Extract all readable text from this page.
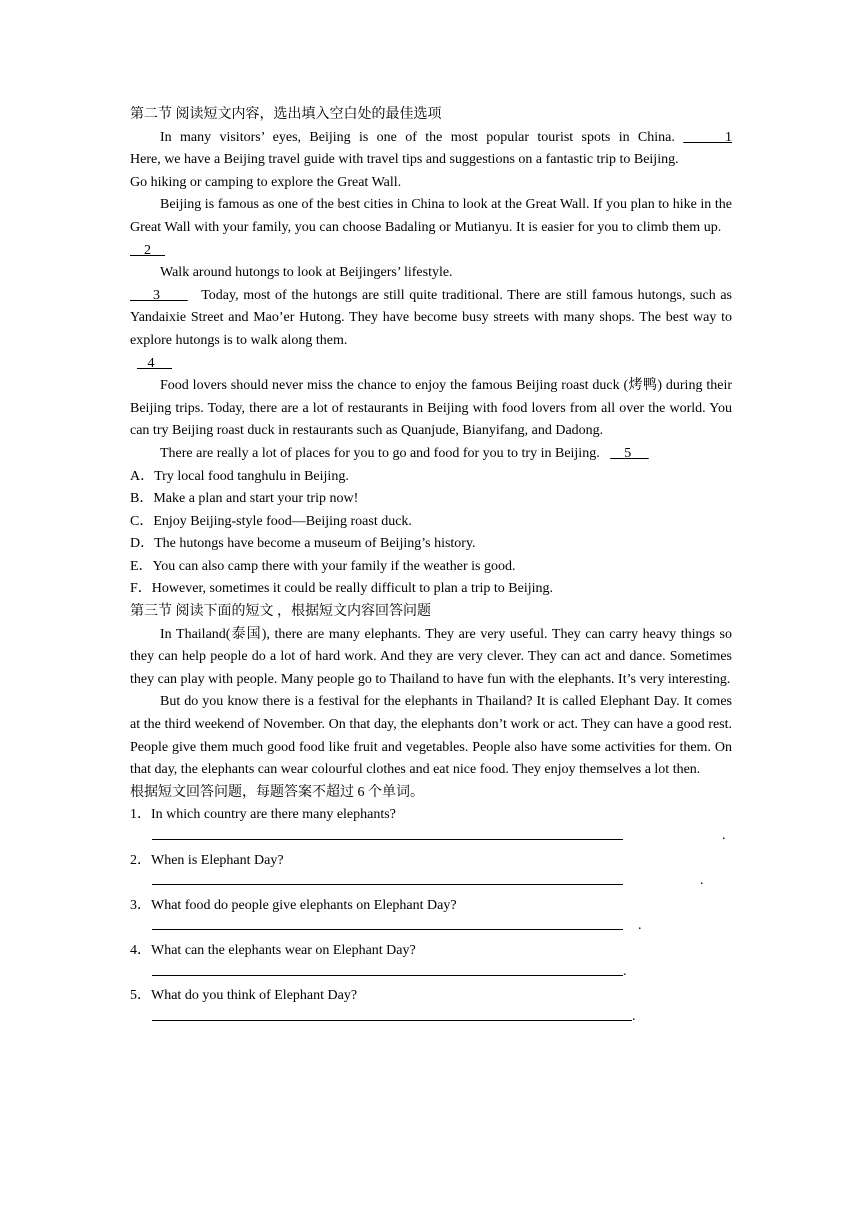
第二节 阅读短文内容，选出填入空白处的最佳选项
In many visitors’ eyes, Beijing is one of the most popular tourist spots in China.	1
Here, we have a Beijing travel guide with travel tips and suggestions on a fantastic trip to Beijing.
Go hiking or camping to explore the Great Wall.
Beijing is famous as one of the best cities in China to look at the Great Wall. If you plan to hike in the Great Wall with your family, you can choose Badaling or Mutianyu. It is easier for you to climb them up.        2
Walk around hutongs to look at Beijingers’ lifestyle.
3	Today, most of the hutongs are still quite traditional. There are still famous hutongs, such as Yandaixie Street and Mao’er Hutong. They have become busy streets with many shops. The best way to explore hutongs is to walk along them.
4
Food lovers should never miss the chance to enjoy the famous Beijing roast duck (烤鸭) during their Beijing trips. Today, there are a lot of restaurants in Beijing with food lovers from all over the world. You can try Beijing roast duck in restaurants such as Quanjude, Bianyifang, and Dadong.
There are really a lot of places for you to go and food for you to try in Beijing. 5
A．Try local food tanghulu in Beijing.
B．Make a plan and start your trip now!
C．Enjoy Beijing-style food—Beijing roast duck.
D．The hutongs have become a museum of Beijing’s history.
E．You can also camp there with your family if the weather is good.
F．However, sometimes it could be really difficult to plan a trip to Beijing.
第三节 阅读下面的短文 ，根据短文内容回答问题
In Thailand(泰国), there are many elephants. They are very useful. They can carry heavy things so they can help people do a lot of hard work. And they are very clever. They can act and dance. Sometimes they can play with people. Many people go to Thailand to have fun with the elephants. It’s very interesting.
But do you know there is a festival for the elephants in Thailand? It is called Elephant Day. It comes at the third weekend of November. On that day, the elephants don’t work or act. They can have a good rest. People give them much good food like fruit and vegetables. People also have some activities for them. On that day, the elephants can wear colourful clothes and eat nice food. They enjoy themselves a lot then.
根据短文回答问题，每题答案不超过 6 个单词。
1．In which country are there many elephants?
.
2．When is Elephant Day?
.
3．What food do people give elephants on Elephant Day?
.
4．What can the elephants wear on Elephant Day?
.
5．What do you think of Elephant Day?
.
